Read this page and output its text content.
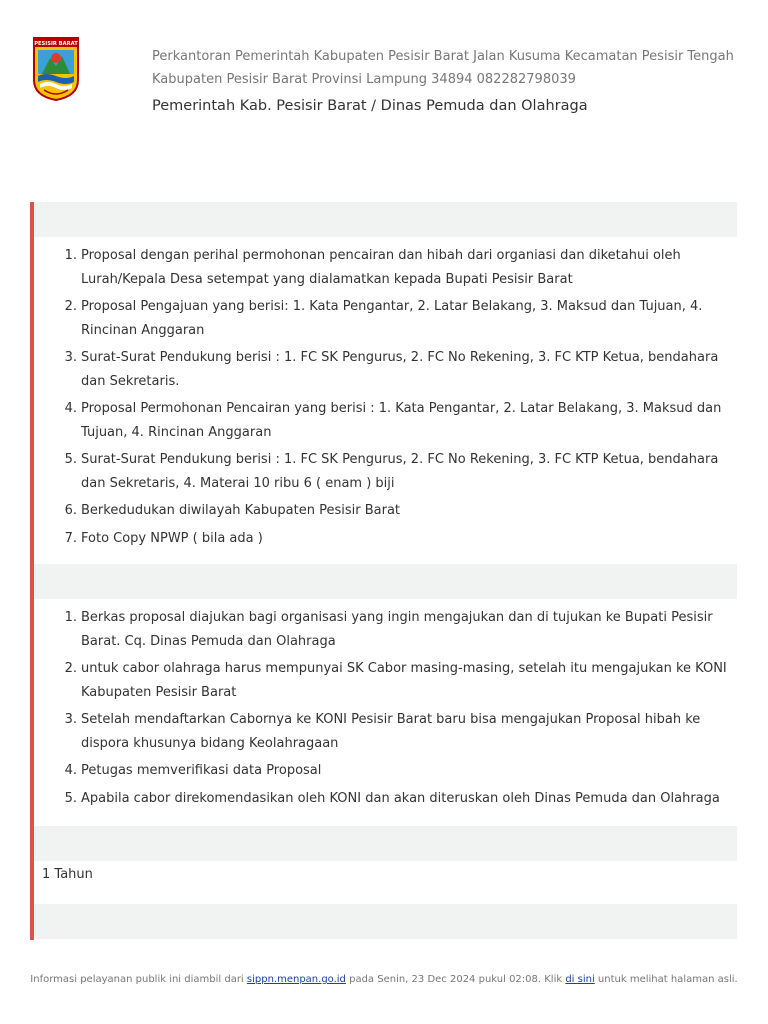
PESISIR BARAT
Perkantoran Pemerintah Kabupaten Pesisir Barat Jalan Kusuma Kecamatan Pesisir Tengah Kabupaten Pesisir Barat Provinsi Lampung 34894 082282798039
Pemerintah Kab. Pesisir Barat / Dinas Pemuda dan Olahraga
Proposal dengan perihal permohonan pencairan dan hibah dari organiasi dan diketahui oleh Lurah/Kepala Desa setempat yang dialamatkan kepada Bupati Pesisir Barat
Proposal Pengajuan yang berisi: 1. Kata Pengantar, 2. Latar Belakang, 3. Maksud dan Tujuan, 4. Rincinan Anggaran
Surat-Surat Pendukung berisi : 1. FC SK Pengurus, 2. FC No Rekening, 3. FC KTP Ketua, bendahara dan Sekretaris.
Proposal Permohonan Pencairan yang berisi : 1. Kata Pengantar, 2. Latar Belakang, 3. Maksud dan Tujuan, 4. Rincinan Anggaran
Surat-Surat Pendukung berisi : 1. FC SK Pengurus, 2. FC No Rekening, 3. FC KTP Ketua, bendahara dan Sekretaris, 4. Materai 10 ribu 6 ( enam ) biji
Berkedudukan diwilayah Kabupaten Pesisir Barat
Foto Copy NPWP ( bila ada )
Berkas proposal diajukan bagi organisasi yang ingin mengajukan dan di tujukan ke Bupati Pesisir Barat. Cq. Dinas Pemuda dan Olahraga
untuk cabor olahraga harus mempunyai SK Cabor masing-masing, setelah itu mengajukan ke KONI Kabupaten Pesisir Barat
Setelah mendaftarkan Cabornya ke KONI Pesisir Barat baru bisa mengajukan Proposal hibah ke dispora khusunya bidang Keolahragaan
Petugas memverifikasi data Proposal
Apabila cabor direkomendasikan oleh KONI dan akan diteruskan oleh Dinas Pemuda dan Olahraga
1 Tahun
Informasi pelayanan publik ini diambil dari sippn.menpan.go.id pada Senin, 23 Dec 2024 pukul 02:08. Klik di sini untuk melihat halaman asli.
